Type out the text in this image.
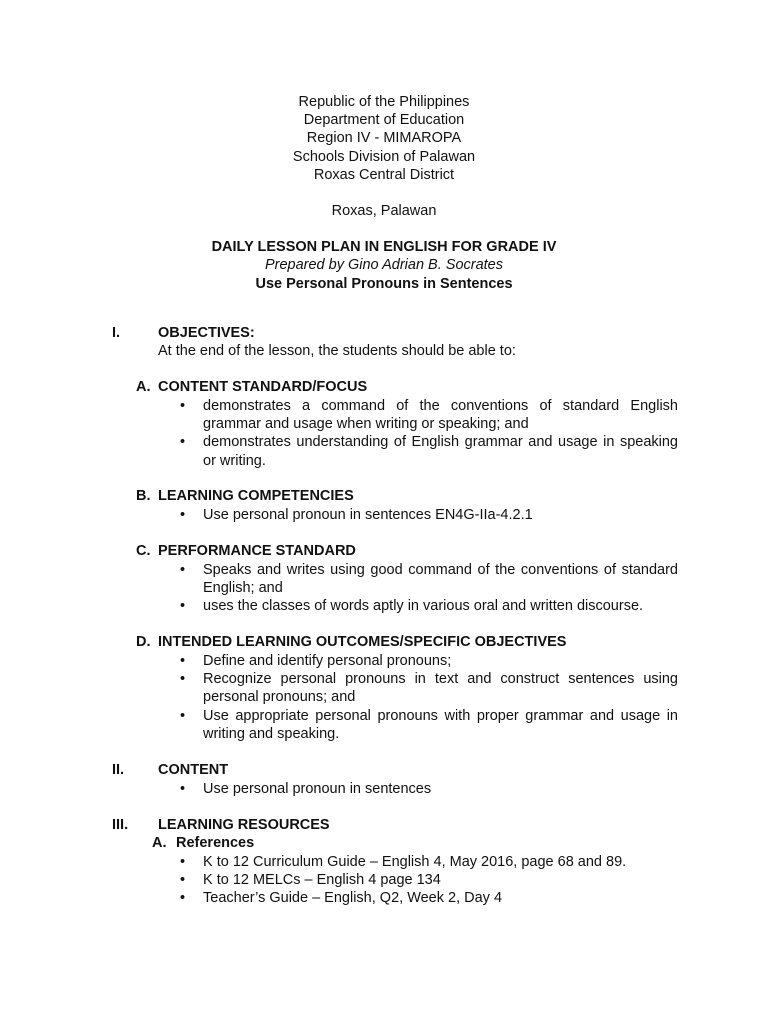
Republic of the Philippines
Department of Education
Region IV - MIMAROPA
Schools Division of Palawan
Roxas Central District
Roxas, Palawan
DAILY LESSON PLAN IN ENGLISH FOR GRADE IV
Prepared by Gino Adrian B. Socrates
Use Personal Pronouns in Sentences
I.	OBJECTIVES:
At the end of the lesson, the students should be able to:
A. CONTENT STANDARD/FOCUS
• demonstrates a command of the conventions of standard English grammar and usage when writing or speaking; and
• demonstrates understanding of English grammar and usage in speaking or writing.
B. LEARNING COMPETENCIES
• Use personal pronoun in sentences EN4G-IIa-4.2.1
C. PERFORMANCE STANDARD
• Speaks and writes using good command of the conventions of standard English; and
• uses the classes of words aptly in various oral and written discourse.
D. INTENDED LEARNING OUTCOMES/SPECIFIC OBJECTIVES
• Define and identify personal pronouns;
• Recognize personal pronouns in text and construct sentences using personal pronouns; and
• Use appropriate personal pronouns with proper grammar and usage in writing and speaking.
II. CONTENT
• Use personal pronoun in sentences
III. LEARNING RESOURCES
A. References
• K to 12 Curriculum Guide – English 4, May 2016, page 68 and 89.
• K to 12 MELCs – English 4 page 134
• Teacher’s Guide – English, Q2, Week 2, Day 4
